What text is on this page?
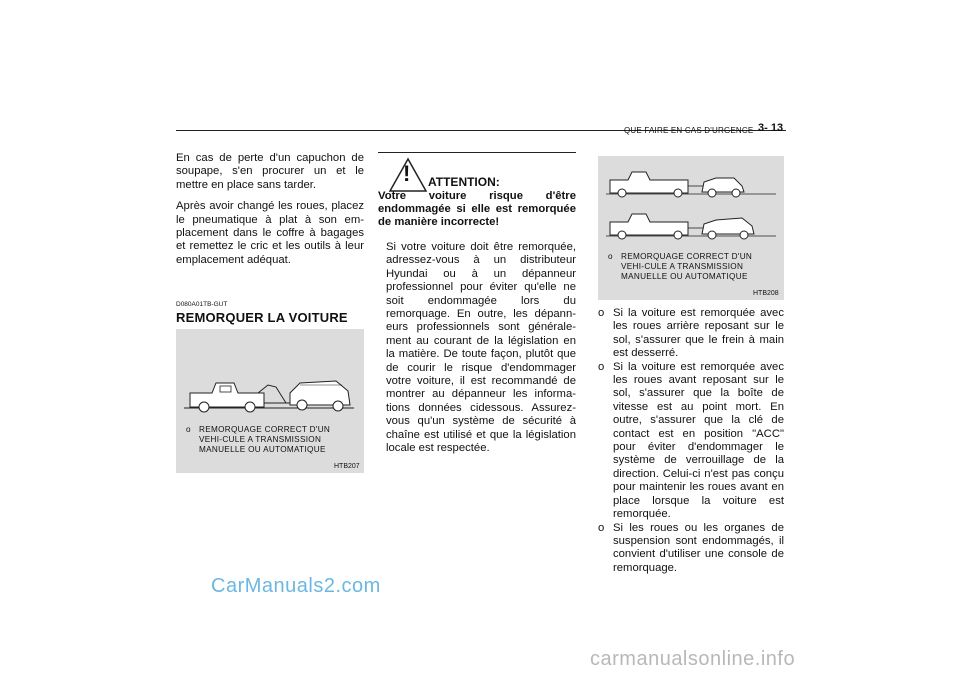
QUE FAIRE EN CAS D'URGENCE 3- 13
En cas de perte d'un capuchon de soupape, s'en procurer un et le mettre en place sans tarder.
Après avoir changé les roues, placez le pneumatique à plat à son em-placement dans le coffre à bagages et remettez le cric et les outils à leur emplacement adéquat.
D080A01TB-GUT
REMORQUER LA VOITURE
o REMORQUAGE CORRECT D'UN VEHI-CULE A TRANSMISSION MANUELLE OU AUTOMATIQUE
HTB207
! ATTENTION:
Votre voiture risque d'être endommagée si elle est remorquée de manière incorrecte!
Si votre voiture doit être remorquée, adressez-vous à un distributeur Hyundai ou à un dépanneur professionnel pour éviter qu'elle ne soit endommagée lors du remorquage. En outre, les dépann-eurs professionnels sont générale-ment au courant de la législation en la matière. De toute façon, plutôt que de courir le risque d'endommager votre voiture, il est recommandé de montrer au dépanneur les informa-tions données cidessous. Assurez-vous qu'un système de sécurité à chaîne est utilisé et que la législation locale est respectée.
o REMORQUAGE CORRECT D'UN VEHI-CULE A TRANSMISSION MANUELLE OU AUTOMATIQUE
HTB208
o Si la voiture est remorquée avec les roues arrière reposant sur le sol, s'assurer que le frein à main est desserré.
o Si la voiture est remorquée avec les roues avant reposant sur le sol, s'assurer que la boîte de vitesse est au point mort. En outre, s'assurer que la clé de contact est en position "ACC" pour éviter d'endommager le système de verrouillage de la direction. Celui-ci n'est pas conçu pour maintenir les roues avant en place lorsque la voiture est remorquée.
o Si les roues ou les organes de suspension sont endommagés, il convient d'utiliser une console de remorquage.
CarManuals2.com
carmanualsonline.info
